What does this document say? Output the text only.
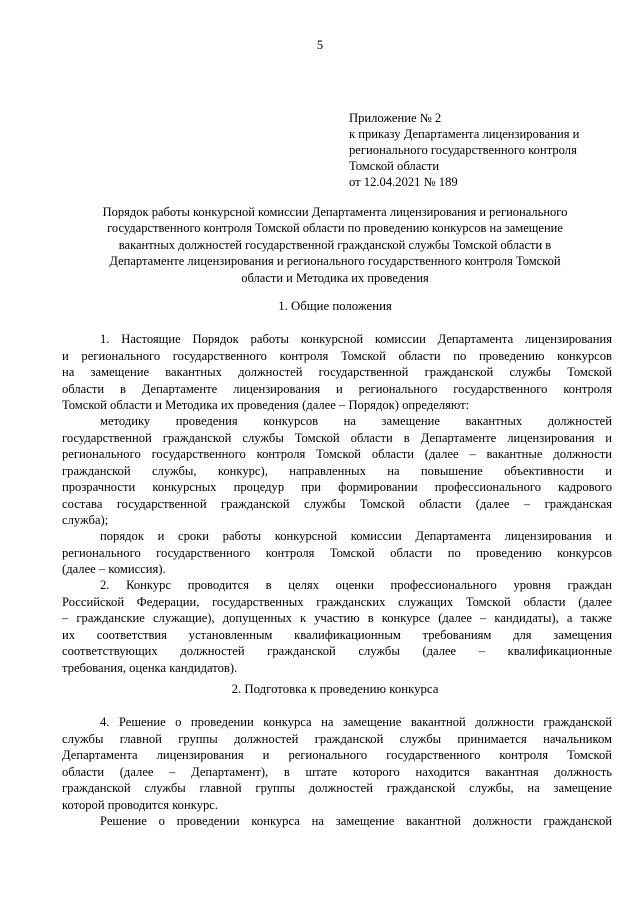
5
Приложение № 2
к приказу Департамента лицензирования и
регионального государственного контроля
Томской области
от 12.04.2021 № 189
Порядок работы конкурсной комиссии Департамента лицензирования и регионального
государственного контроля Томской области по проведению конкурсов на замещение
вакантных должностей государственной гражданской службы Томской области в
Департаменте лицензирования и регионального государственного контроля Томской
области и Методика их проведения
1. Общие положения
1. Настоящие Порядок работы конкурсной комиссии Департамента лицензирования
и регионального государственного контроля Томской области по проведению конкурсов
на замещение вакантных должностей государственной гражданской службы Томской
области в Департаменте лицензирования и регионального государственного контроля
Томской области и Методика их проведения (далее – Порядок) определяют:
методику проведения конкурсов на замещение вакантных должностей
государственной гражданской службы Томской области в Департаменте лицензирования и
регионального государственного контроля Томской области (далее – вакантные должности
гражданской службы, конкурс), направленных на повышение объективности и
прозрачности конкурсных процедур при формировании профессионального кадрового
состава государственной гражданской службы Томской области (далее – гражданская
служба);
порядок и сроки работы конкурсной комиссии Департамента лицензирования и
регионального государственного контроля Томской области по проведению конкурсов
(далее – комиссия).
2. Конкурс проводится в целях оценки профессионального уровня граждан
Российской Федерации, государственных гражданских служащих Томской области (далее
– гражданские служащие), допущенных к участию в конкурсе (далее – кандидаты), а также
их соответствия установленным квалификационным требованиям для замещения
соответствующих должностей гражданской службы (далее – квалификационные
требования, оценка кандидатов).
2. Подготовка к проведению конкурса
4. Решение о проведении конкурса на замещение вакантной должности гражданской
службы главной группы должностей гражданской службы принимается начальником
Департамента лицензирования и регионального государственного контроля Томской
области (далее – Департамент), в штате которого находится вакантная должность
гражданской службы главной группы должностей гражданской службы, на замещение
которой проводится конкурс.
Решение о проведении конкурса на замещение вакантной должности гражданской
